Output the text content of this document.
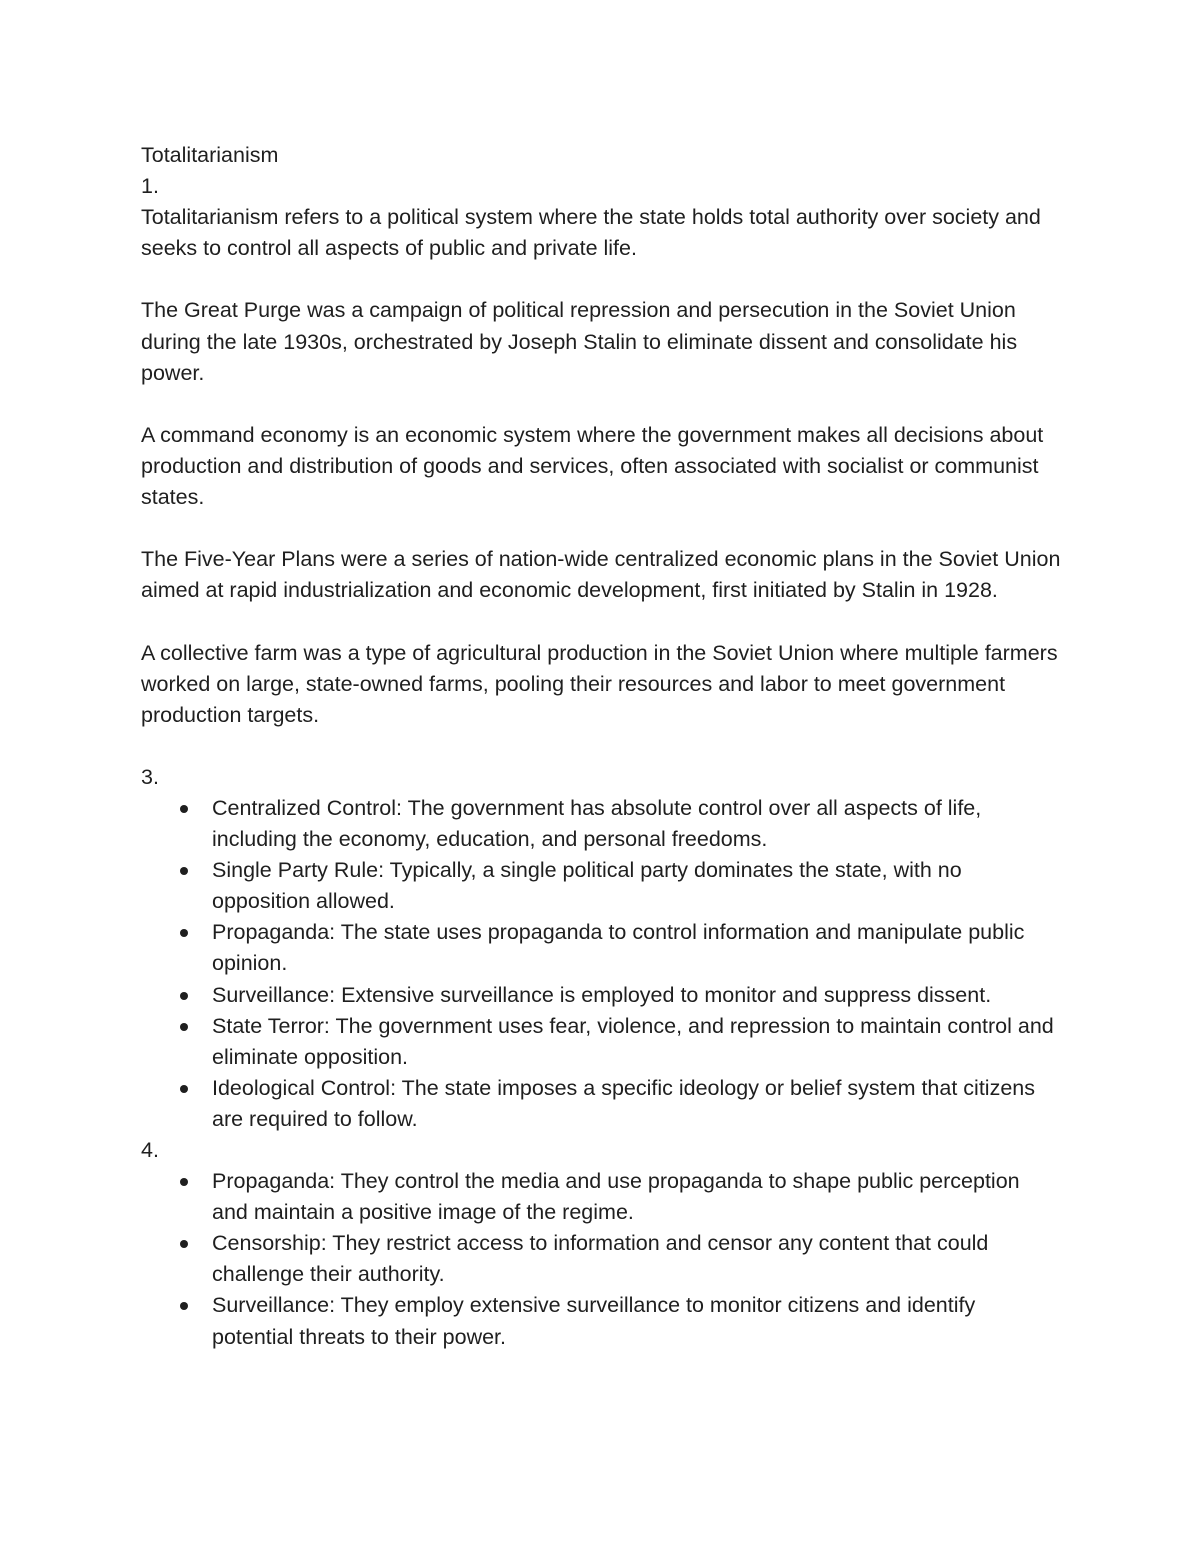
Totalitarianism

1.

Totalitarianism refers to a political system where the state holds total authority over society and seeks to control all aspects of public and private life.

The Great Purge was a campaign of political repression and persecution in the Soviet Union during the late 1930s, orchestrated by Joseph Stalin to eliminate dissent and consolidate his power.

A command economy is an economic system where the government makes all decisions about production and distribution of goods and services, often associated with socialist or communist states.

The Five-Year Plans were a series of nation-wide centralized economic plans in the Soviet Union aimed at rapid industrialization and economic development, first initiated by Stalin in 1928.

A collective farm was a type of agricultural production in the Soviet Union where multiple farmers worked on large, state-owned farms, pooling their resources and labor to meet government production targets.

3.

Centralized Control: The government has absolute control over all aspects of life, including the economy, education, and personal freedoms.
Single Party Rule: Typically, a single political party dominates the state, with no opposition allowed.
Propaganda: The state uses propaganda to control information and manipulate public opinion.
Surveillance: Extensive surveillance is employed to monitor and suppress dissent.
State Terror: The government uses fear, violence, and repression to maintain control and eliminate opposition.
Ideological Control: The state imposes a specific ideology or belief system that citizens are required to follow.

4.

Propaganda: They control the media and use propaganda to shape public perception and maintain a positive image of the regime.
Censorship: They restrict access to information and censor any content that could challenge their authority.
Surveillance: They employ extensive surveillance to monitor citizens and identify potential threats to their power.
